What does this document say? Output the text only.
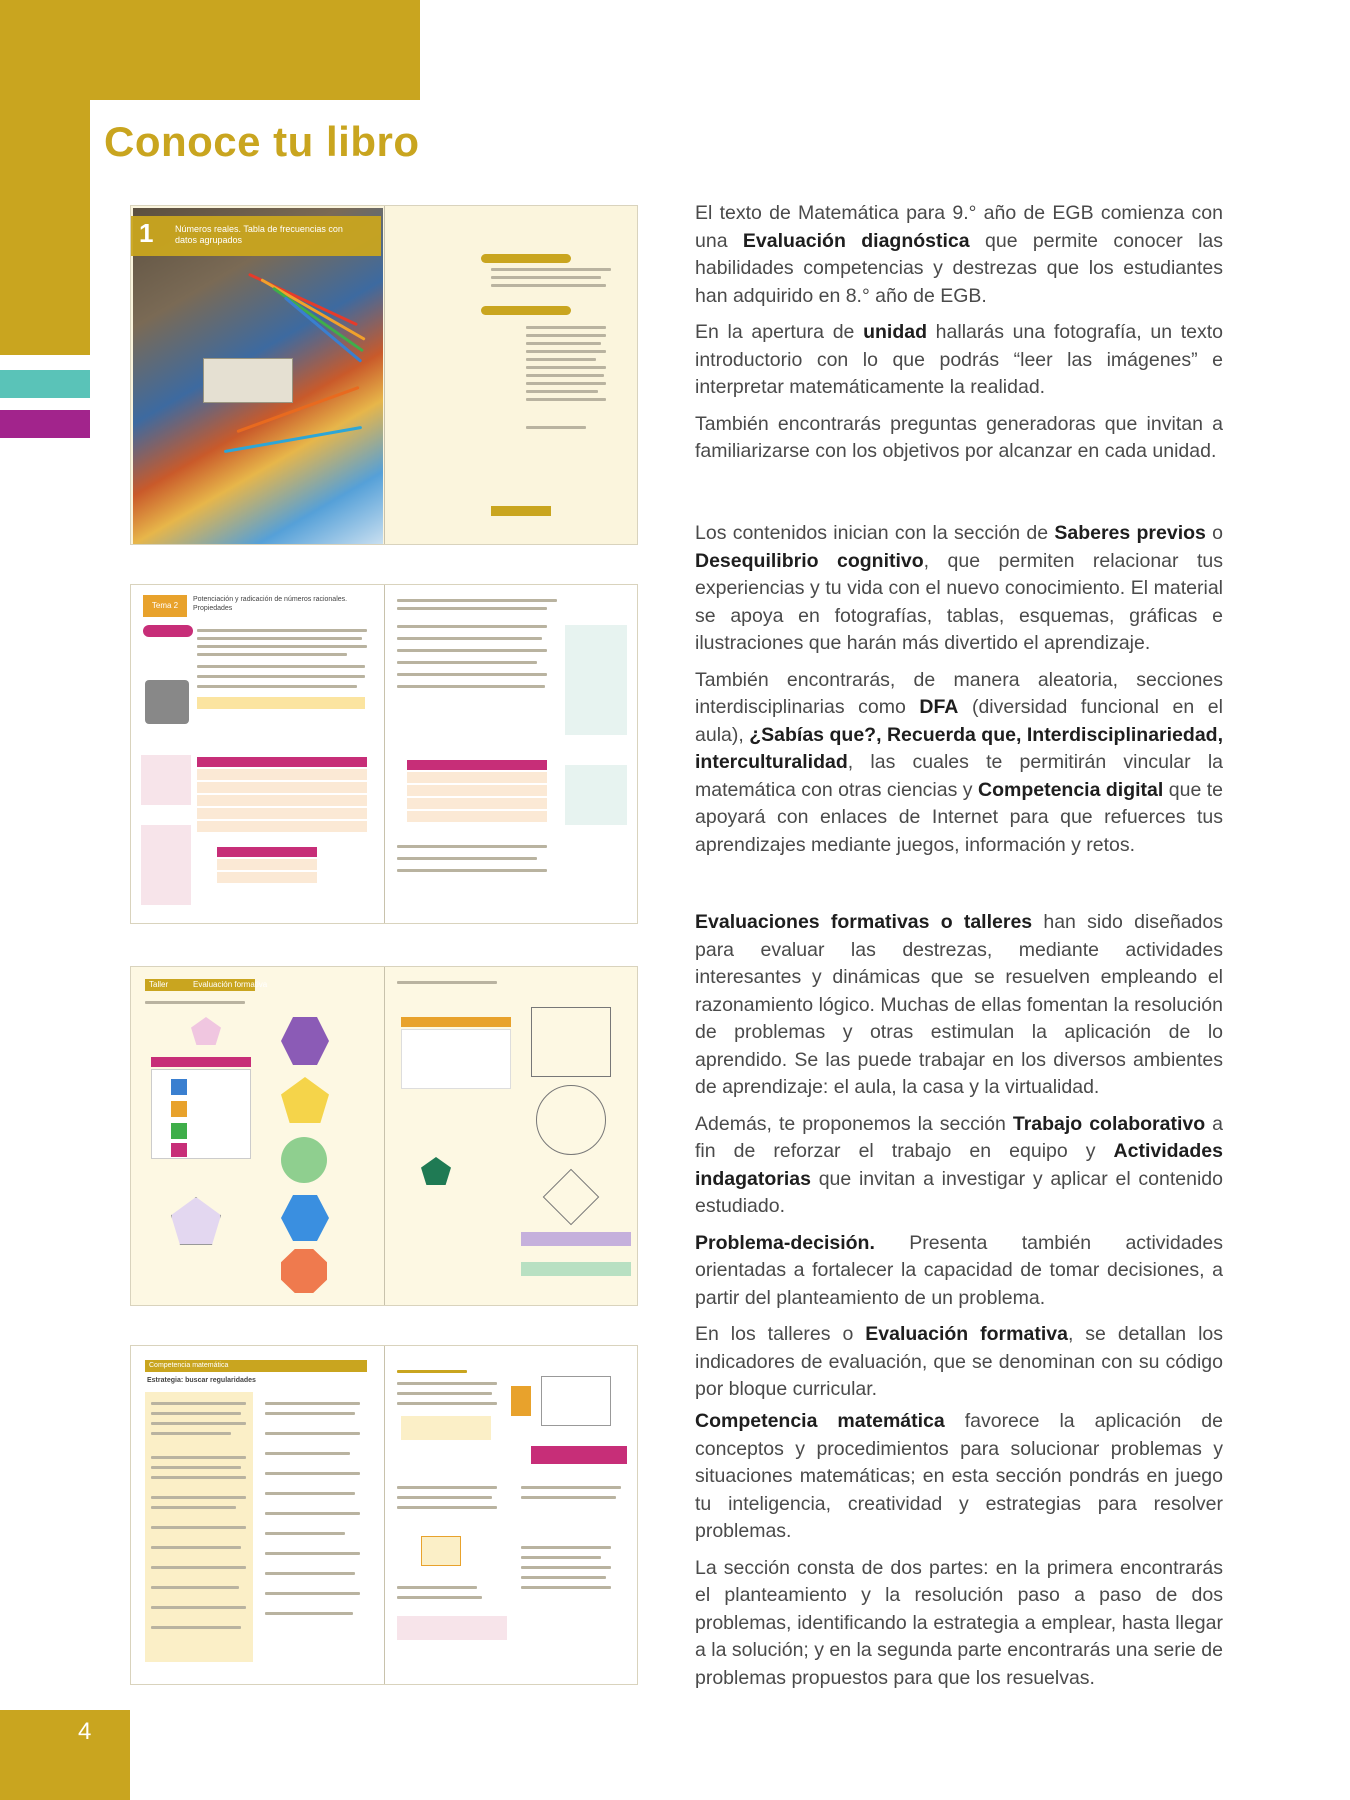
4
Conoce tu libro

El texto de Matemática para 9.° año de EGB comienza con una Evaluación diagnóstica que permite conocer las habilidades competencias y destrezas que los estudiantes han adquirido en 8.° año de EGB.

En la apertura de unidad hallarás una fotografía, un texto introductorio con lo que podrás “leer las imágenes” e interpretar matemáticamente la realidad.

También encontrarás preguntas generadoras que invitan a familiarizarse con los objetivos por alcanzar en cada unidad.

Los contenidos inician con la sección de Saberes previos o Desequilibrio cognitivo, que permiten relacionar tus experiencias y tu vida con el nuevo conocimiento. El material se apoya en fotografías, tablas, esquemas, gráficas e ilustraciones que harán más divertido el aprendizaje.

También encontrarás, de manera aleatoria, secciones interdisciplinarias como DFA (diversidad funcional en el aula), ¿Sabías que?, Recuerda que, Interdisciplinariedad, interculturalidad, las cuales te permitirán vincular la matemática con otras ciencias y Competencia digital que te apoyará con enlaces de Internet para que refuerces tus aprendizajes mediante juegos, información y retos.

Evaluaciones formativas o talleres han sido diseñados para evaluar las destrezas, mediante actividades interesantes y dinámicas que se resuelven empleando el razonamiento lógico. Muchas de ellas fomentan la resolución de problemas y otras estimulan la aplicación de lo aprendido. Se las puede trabajar en los diversos ambientes de aprendizaje: el aula, la casa y la virtualidad.

Además, te proponemos la sección Trabajo colaborativo a fin de reforzar el trabajo en equipo y Actividades indagatorias que invitan a investigar y aplicar el contenido estudiado.

Problema-decisión. Presenta también actividades orientadas a fortalecer la capacidad de tomar decisiones, a partir del planteamiento de un problema.

En los talleres o Evaluación formativa, se detallan los indicadores de evaluación, que se denominan con su código por bloque curricular.

Competencia matemática favorece la aplicación de conceptos y procedimientos para solucionar problemas y situaciones matemáticas; en esta sección pondrás en juego tu inteligencia, creatividad y estrategias para resolver problemas.

La sección consta de dos partes: en la primera encontrarás el planteamiento y la resolución paso a paso de dos problemas, identificando la estrategia a emplear, hasta llegar a la solución; y en la segunda parte encontrarás una serie de problemas propuestos para que los resuelvas.

1 Números reales. Tabla de frecuencias con datos agrupados
Tema 2
Potenciación y radicación de números racionales. Propiedades
Taller	Evaluación formativa
Competencia matemática
Estrategia: buscar regularidades
